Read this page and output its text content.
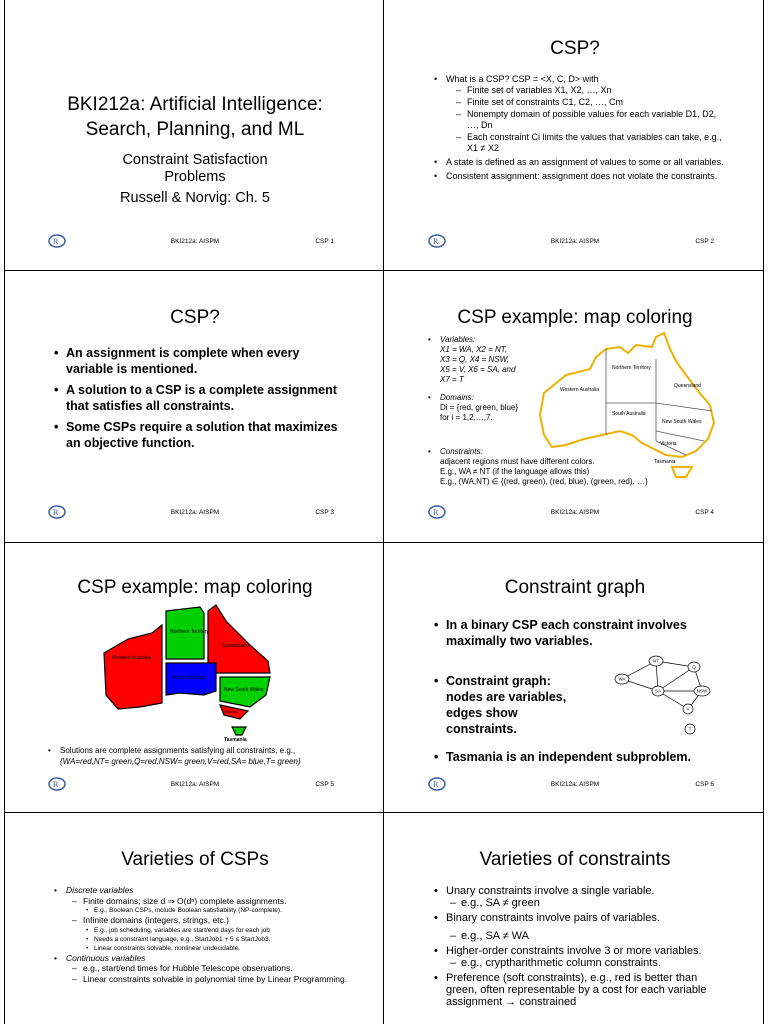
BKI212a: Artificial Intelligence: Search, Planning, and ML
Constraint Satisfaction Problems
Russell & Norvig: Ch. 5
R	BKI212a: AISPM	CSP 1
CSP?
• What is a CSP? CSP = <X, C, D> with
– Finite set of variables X1, X2, …, Xn
– Finite set of constraints C1, C2, …, Cm
– Nonempty domain of possible values for each variable D1, D2, …, Dn
– Each constraint Ci limits the values that variables can take, e.g., X1 ≠ X2
• A state is defined as an assignment of values to some or all variables.
• Consistent assignment: assignment does not violate the constraints.
R	BKI212a: AISPM	CSP 2
CSP?
• An assignment is complete when every variable is mentioned.
• A solution to a CSP is a complete assignment that satisfies all constraints.
• Some CSPs require a solution that maximizes an objective function.
R	BKI212a: AISPM	CSP 3
CSP example: map coloring
• Variables:
X1 = WA, X2 = NT,
X3 = Q, X4 = NSW,
X5 = V, X6 = SA, and
X7 = T
• Domains:
Di = {red, green, blue}
for i = 1,2,…,7.
• Constraints:
adjacent regions must have different colors.
E.g., WA ≠ NT (if the language allows this)
E.g., (WA,NT) ∈ {(red, green), (red, blue), (green, red), …}
Western Australia
Northern Territory
Queensland
South Australia
New South Wales
Victoria
Tasmania
R	BKI212a: AISPM	CSP 4
CSP example: map coloring
Western Australia
Northern Territory
Queensland
South Australia
New South Wales
Victoria
Tasmania
• Solutions are complete assignments satisfying all constraints, e.g.,
{WA=red,NT= green,Q=red,NSW= green,V=red,SA= blue,T= green}
R	BKI212a: AISPM	CSP 5
Constraint graph
• In a binary CSP each constraint involves maximally two variables.
• Constraint graph: nodes are variables, edges show constraints.
• Tasmania is an independent subproblem.
NT
Q
WA
SA	NSW
V
T
R	BKI212a: AISPM	CSP 6
Varieties of CSPs
• Discrete variables
– Finite domains; size d ⇒ O(dⁿ) complete assignments.
• E.g., Boolean CSPs, include Boolean satisfiability (NP-complete).
– Infinite domains (integers, strings, etc.)
• E.g., job scheduling, variables are start/end days for each job
• Needs a constraint language, e.g., StartJob1 + 5 ≤ StartJob3.
• Linear constraints solvable, nonlinear undecidable.
• Continuous variables
– e.g., start/end times for Hubble Telescope observations.
– Linear constraints solvable in polynomial time by Linear Programming.
Varieties of constraints
• Unary constraints involve a single variable.
– e.g., SA ≠ green
• Binary constraints involve pairs of variables.
– e.g., SA ≠ WA
• Higher-order constraints involve 3 or more variables.
– e.g., cryptharithmetic column constraints.
• Preference (soft constraints), e.g., red is better than green, often representable by a cost for each variable assignment → constrained
